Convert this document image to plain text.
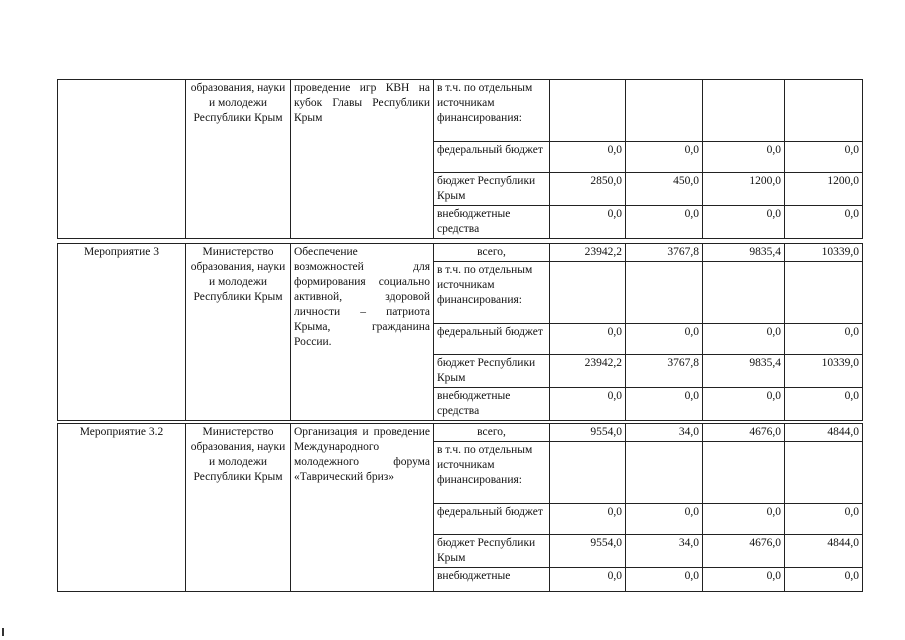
	образования, науки и молодежи Республики Крым	проведение игр КВН на кубок Главы Республики Крым	в т.ч. по отдельным источникам финансирования:				
			федеральный бюджет	0,0	0,0	0,0	0,0
			бюджет Республики Крым	2850,0	450,0	1200,0	1200,0
			внебюджетные средства	0,0	0,0	0,0	0,0
Мероприятие 3	Министерство образования, науки и молодежи Республики Крым	Обеспечение возможностей для формирования социально активной, здоровой личности – патриота Крыма, гражданина России.	всего,	23942,2	3767,8	9835,4	10339,0
			в т.ч. по отдельным источникам финансирования:				
			федеральный бюджет	0,0	0,0	0,0	0,0
			бюджет Республики Крым	23942,2	3767,8	9835,4	10339,0
			внебюджетные средства	0,0	0,0	0,0	0,0
Мероприятие 3.2	Министерство образования, науки и молодежи Республики Крым	Организация и проведение Международного молодежного форума «Таврический бриз»	всего,	9554,0	34,0	4676,0	4844,0
			в т.ч. по отдельным источникам финансирования:				
			федеральный бюджет	0,0	0,0	0,0	0,0
			бюджет Республики Крым	9554,0	34,0	4676,0	4844,0
			внебюджетные	0,0	0,0	0,0	0,0
